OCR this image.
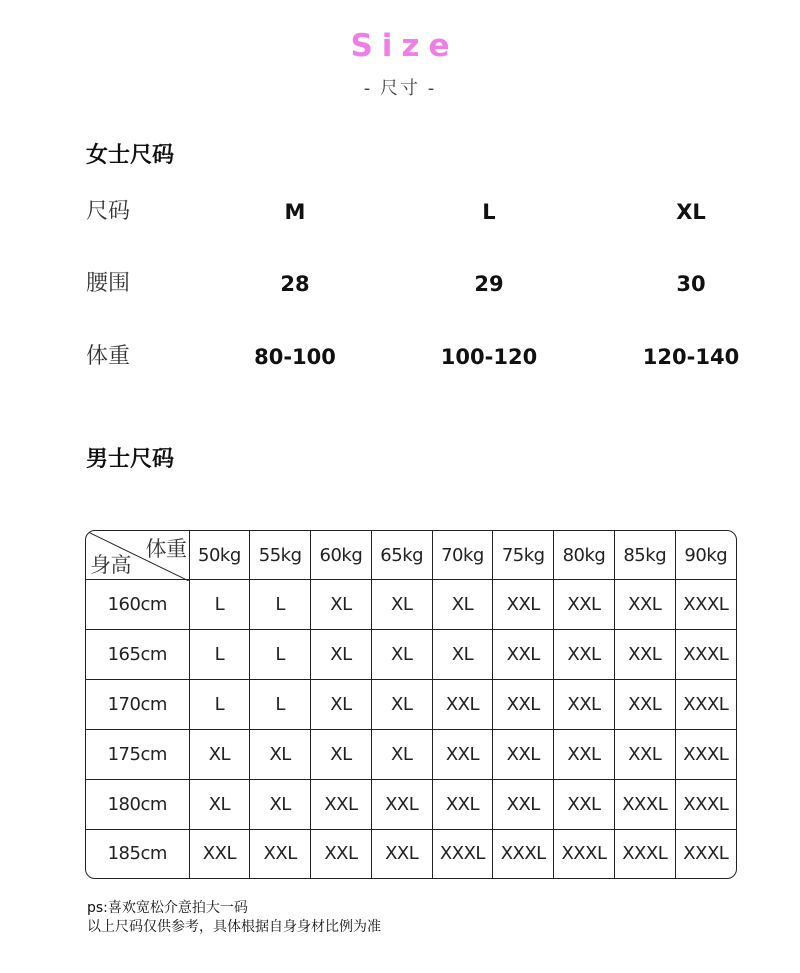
Size
- 尺寸 -
女士尺码
尺码	M	L	XL
腰围	28	29	30
体重	80-100	100-120	120-140
男士尺码
体重
身高	50kg	55kg	60kg	65kg	70kg	75kg	80kg	85kg	90kg
160cm	L	L	XL	XL	XL	XXL	XXL	XXL	XXXL
165cm	L	L	XL	XL	XL	XXL	XXL	XXL	XXXL
170cm	L	L	XL	XL	XXL	XXL	XXL	XXL	XXXL
175cm	XL	XL	XL	XL	XXL	XXL	XXL	XXL	XXXL
180cm	XL	XL	XXL	XXL	XXL	XXL	XXL	XXXL	XXXL
185cm	XXL	XXL	XXL	XXL	XXXL	XXXL	XXXL	XXXL	XXXL
ps:喜欢宽松介意拍大一码
以上尺码仅供参考，具体根据自身身材比例为准
